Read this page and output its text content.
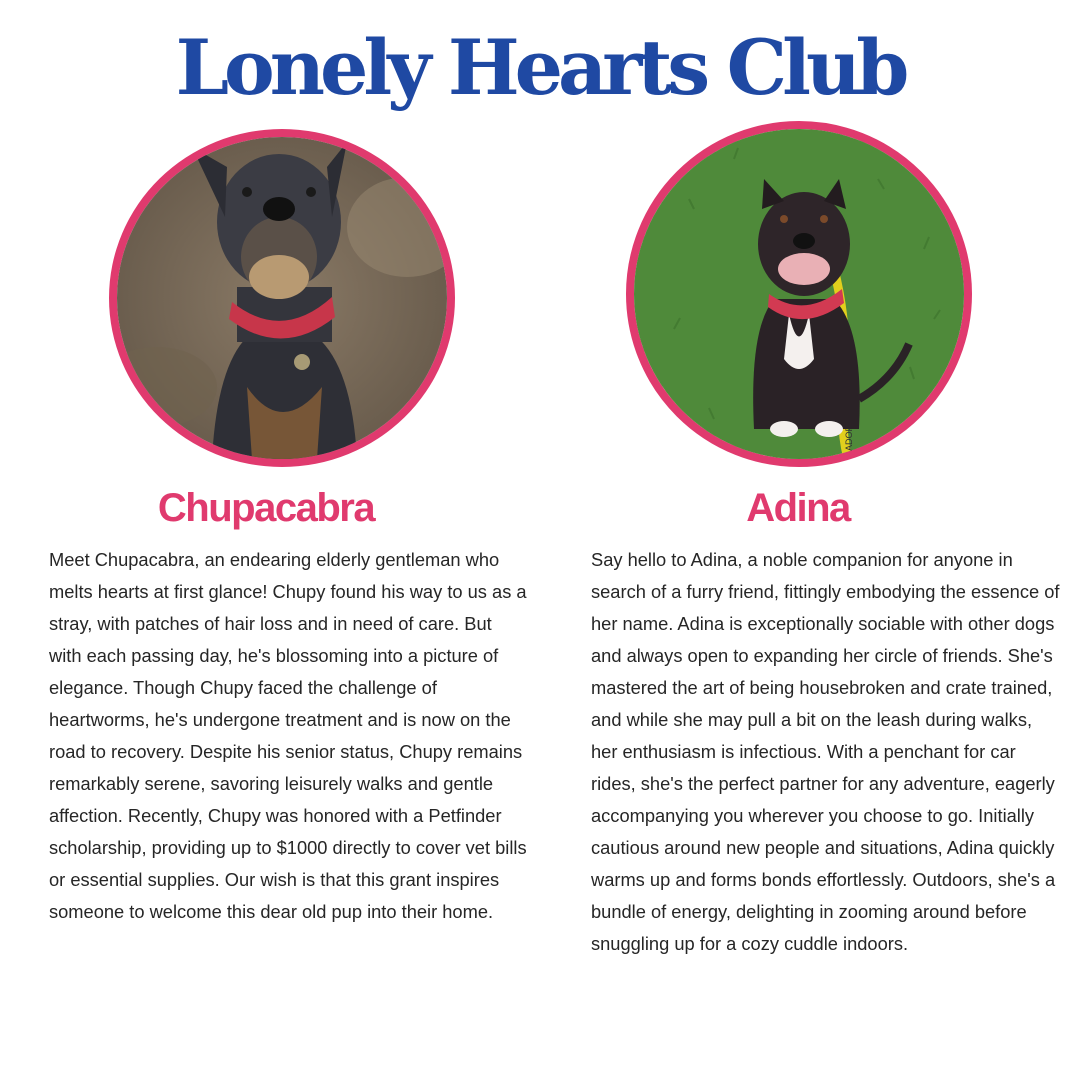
Lonely Hearts Club
Chupacabra

Meet Chupacabra, an endearing elderly gentleman who melts hearts at first glance! Chupy found his way to us as a stray, with patches of hair loss and in need of care. But with each passing day, he's blossoming into a picture of elegance. Though Chupy faced the challenge of heartworms, he's undergone treatment and is now on the road to recovery. Despite his senior status, Chupy remains remarkably serene, savoring leisurely walks and gentle affection. Recently, Chupy was honored with a Petfinder scholarship, providing up to $1000 directly to cover vet bills or essential supplies. Our wish is that this grant inspires someone to welcome this dear old pup into their home.

Adina

Say hello to Adina, a noble companion for anyone in search of a furry friend, fittingly embodying the essence of her name. Adina is exceptionally sociable with other dogs and always open to expanding her circle of friends. She's mastered the art of being housebroken and crate trained, and while she may pull a bit on the leash during walks, her enthusiasm is infectious. With a penchant for car rides, she's the perfect partner for any adventure, eagerly accompanying you wherever you choose to go. Initially cautious around new people and situations, Adina quickly warms up and forms bonds effortlessly. Outdoors, she's a bundle of energy, delighting in zooming around before snuggling up for a cozy cuddle indoors.
